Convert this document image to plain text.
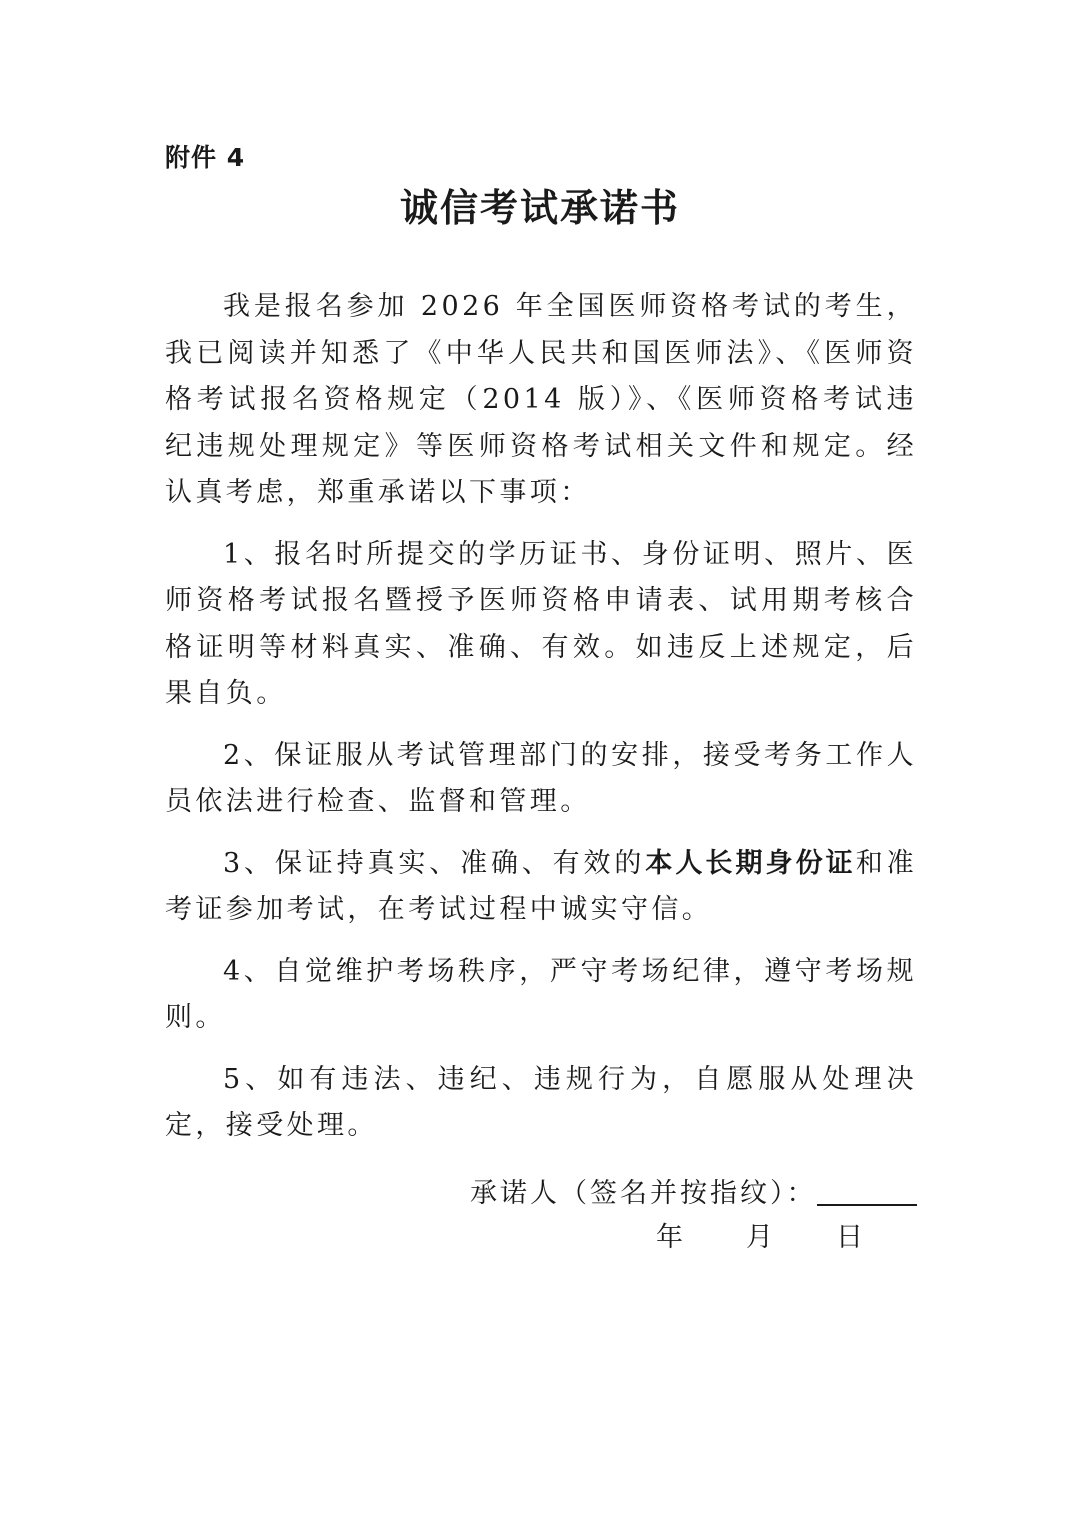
附件 4
诚信考试承诺书

我是报名参加 2026 年全国医师资格考试的考生，我已阅读并知悉了《中华人民共和国医师法》、《医师资格考试报名资格规定（2014 版）》、《医师资格考试违纪违规处理规定》等医师资格考试相关文件和规定。经认真考虑，郑重承诺以下事项：

1、报名时所提交的学历证书、身份证明、照片、医师资格考试报名暨授予医师资格申请表、试用期考核合格证明等材料真实、准确、有效。如违反上述规定，后果自负。

2、保证服从考试管理部门的安排，接受考务工作人员依法进行检查、监督和管理。

3、保证持真实、准确、有效的本人长期身份证和准考证参加考试，在考试过程中诚实守信。

4、自觉维护考场秩序，严守考场纪律，遵守考场规则。

5、如有违法、违纪、违规行为，自愿服从处理决定，接受处理。

承诺人（签名并按指纹）：
年 月 日
